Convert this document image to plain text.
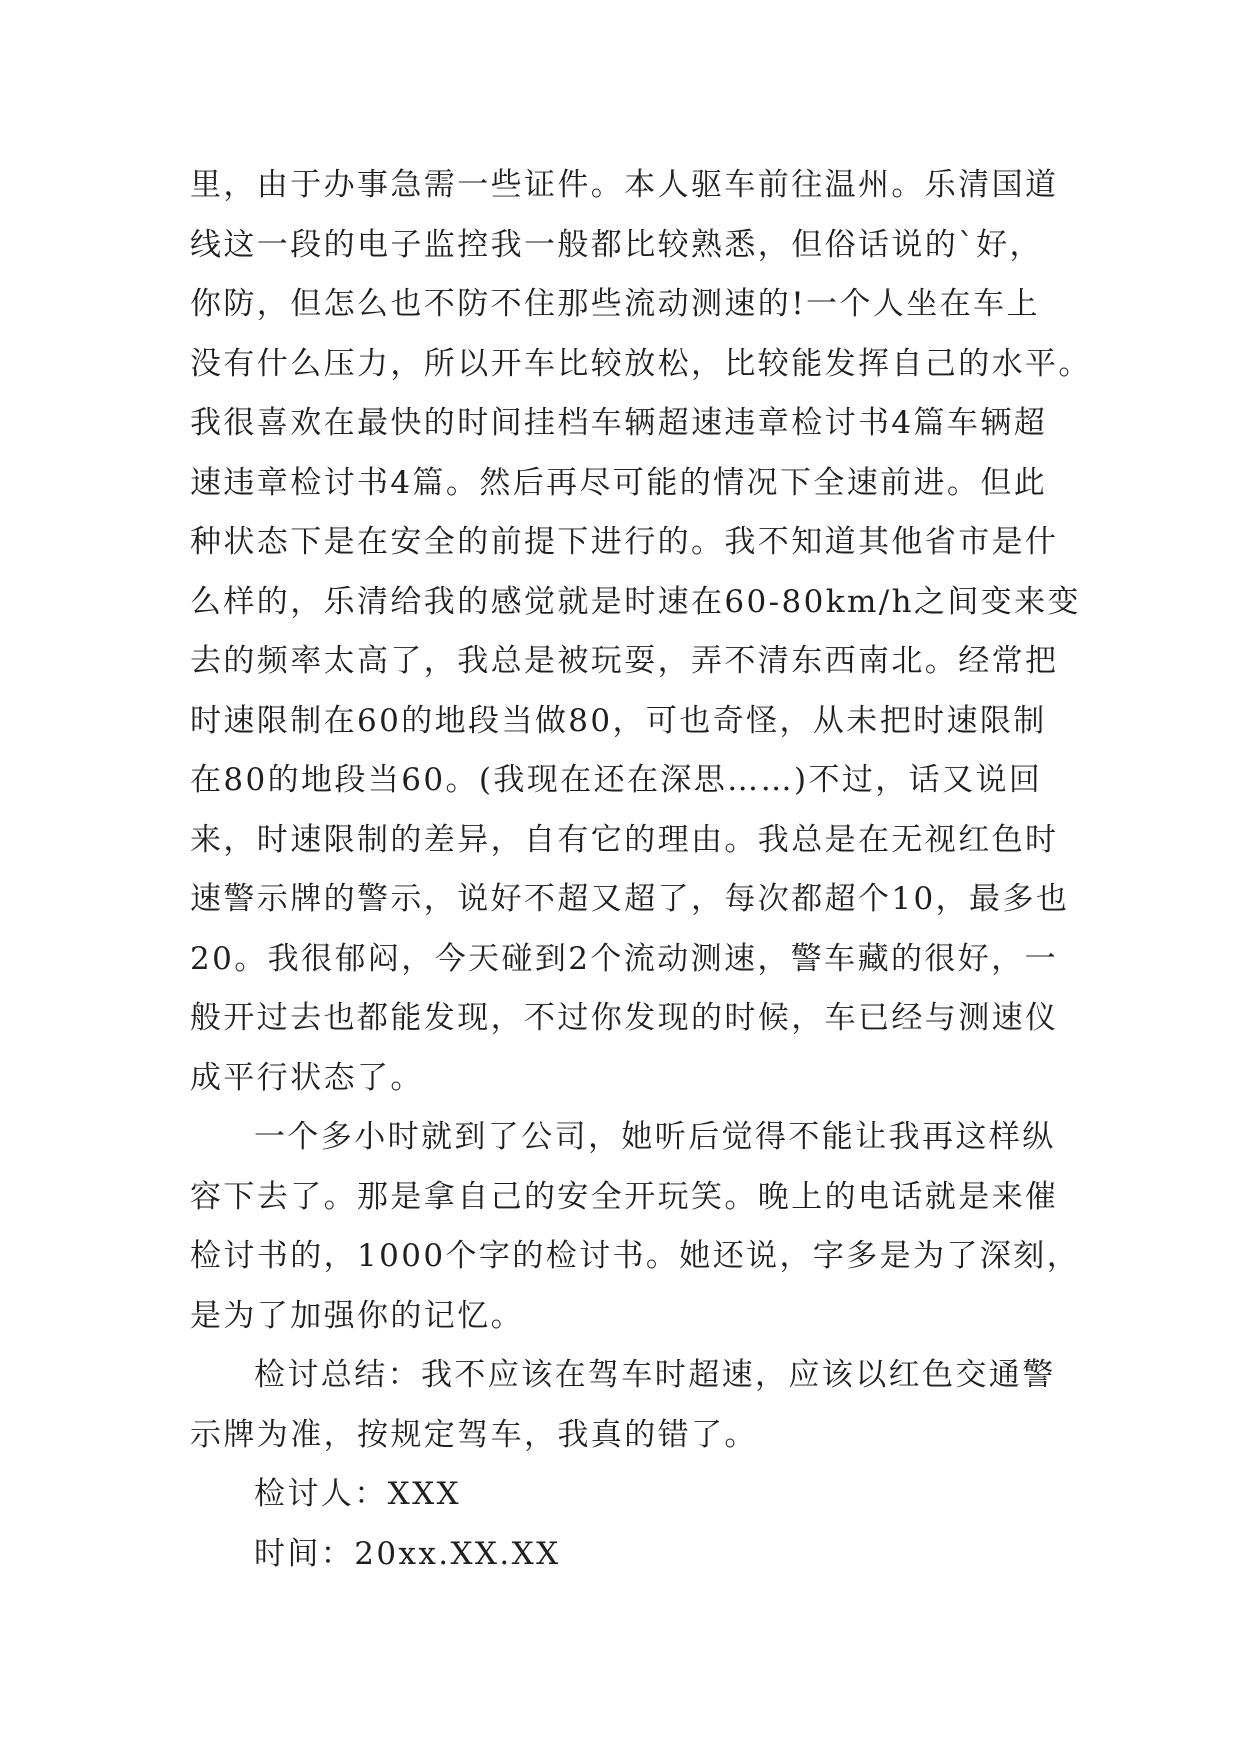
里，由于办事急需一些证件。本人驱车前往温州。乐清国道
线这一段的电子监控我一般都比较熟悉，但俗话说的`好，
你防，但怎么也不防不住那些流动测速的!一个人坐在车上
没有什么压力，所以开车比较放松，比较能发挥自己的水平。
我很喜欢在最快的时间挂档车辆超速违章检讨书4篇车辆超
速违章检讨书4篇。然后再尽可能的情况下全速前进。但此
种状态下是在安全的前提下进行的。我不知道其他省市是什
么样的，乐清给我的感觉就是时速在60-80km/h之间变来变
去的频率太高了，我总是被玩耍，弄不清东西南北。经常把
时速限制在60的地段当做80，可也奇怪，从未把时速限制
在80的地段当60。(我现在还在深思……)不过，话又说回
来，时速限制的差异，自有它的理由。我总是在无视红色时
速警示牌的警示，说好不超又超了，每次都超个10，最多也
20。我很郁闷，今天碰到2个流动测速，警车藏的很好，一
般开过去也都能发现，不过你发现的时候，车已经与测速仪
成平行状态了。
一个多小时就到了公司，她听后觉得不能让我再这样纵
容下去了。那是拿自己的安全开玩笑。晚上的电话就是来催
检讨书的，1000个字的检讨书。她还说，字多是为了深刻，
是为了加强你的记忆。
检讨总结：我不应该在驾车时超速，应该以红色交通警
示牌为准，按规定驾车，我真的错了。
检讨人：XXX
时间：20xx.XX.XX
